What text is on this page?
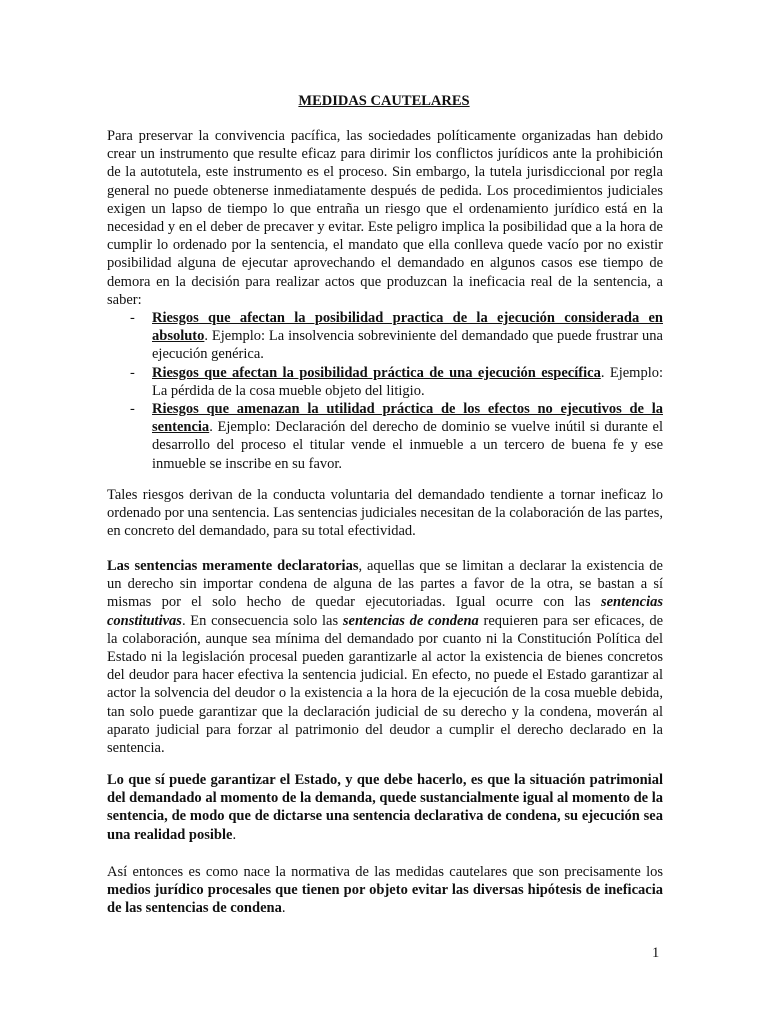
MEDIDAS CAUTELARES

Para preservar la convivencia pacífica, las sociedades políticamente organizadas han debido crear un instrumento que resulte eficaz para dirimir los conflictos jurídicos ante la prohibición de la autotutela, este instrumento es el proceso. Sin embargo, la tutela jurisdiccional por regla general no puede obtenerse inmediatamente después de pedida. Los procedimientos judiciales exigen un lapso de tiempo lo que entraña un riesgo que el ordenamiento jurídico está en la necesidad y en el deber de precaver y evitar. Este peligro implica la posibilidad que a la hora de cumplir lo ordenado por la sentencia, el mandato que ella conlleva quede vacío por no existir posibilidad alguna de ejecutar aprovechando el demandado en algunos casos ese tiempo de demora en la decisión para realizar actos que produzcan la ineficacia real de la sentencia, a saber:

- Riesgos que afectan la posibilidad practica de la ejecución considerada en absoluto. Ejemplo: La insolvencia sobreviniente del demandado que puede frustrar una ejecución genérica.
- Riesgos que afectan la posibilidad práctica de una ejecución específica. Ejemplo: La pérdida de la cosa mueble objeto del litigio.
- Riesgos que amenazan la utilidad práctica de los efectos no ejecutivos de la sentencia. Ejemplo: Declaración del derecho de dominio se vuelve inútil si durante el desarrollo del proceso el titular vende el inmueble a un tercero de buena fe y ese inmueble se inscribe en su favor.

Tales riesgos derivan de la conducta voluntaria del demandado tendiente a tornar ineficaz lo ordenado por una sentencia. Las sentencias judiciales necesitan de la colaboración de las partes, en concreto del demandado, para su total efectividad.

Las sentencias meramente declaratorias, aquellas que se limitan a declarar la existencia de un derecho sin importar condena de alguna de las partes a favor de la otra, se bastan a sí mismas por el solo hecho de quedar ejecutoriadas. Igual ocurre con las sentencias constitutivas. En consecuencia solo las sentencias de condena requieren para ser eficaces, de la colaboración, aunque sea mínima del demandado por cuanto ni la Constitución Política del Estado ni la legislación procesal pueden garantizarle al actor la existencia de bienes concretos del deudor para hacer efectiva la sentencia judicial. En efecto, no puede el Estado garantizar al actor la solvencia del deudor o la existencia a la hora de la ejecución de la cosa mueble debida, tan solo puede garantizar que la declaración judicial de su derecho y la condena, moverán al aparato judicial para forzar al patrimonio del deudor a cumplir el derecho declarado en la sentencia.

Lo que sí puede garantizar el Estado, y que debe hacerlo, es que la situación patrimonial del demandado al momento de la demanda, quede sustancialmente igual al momento de la sentencia, de modo que de dictarse una sentencia declarativa de condena, su ejecución sea una realidad posible.

Así entonces es como nace la normativa de las medidas cautelares que son precisamente los medios jurídico procesales que tienen por objeto evitar las diversas hipótesis de ineficacia de las sentencias de condena.

1
